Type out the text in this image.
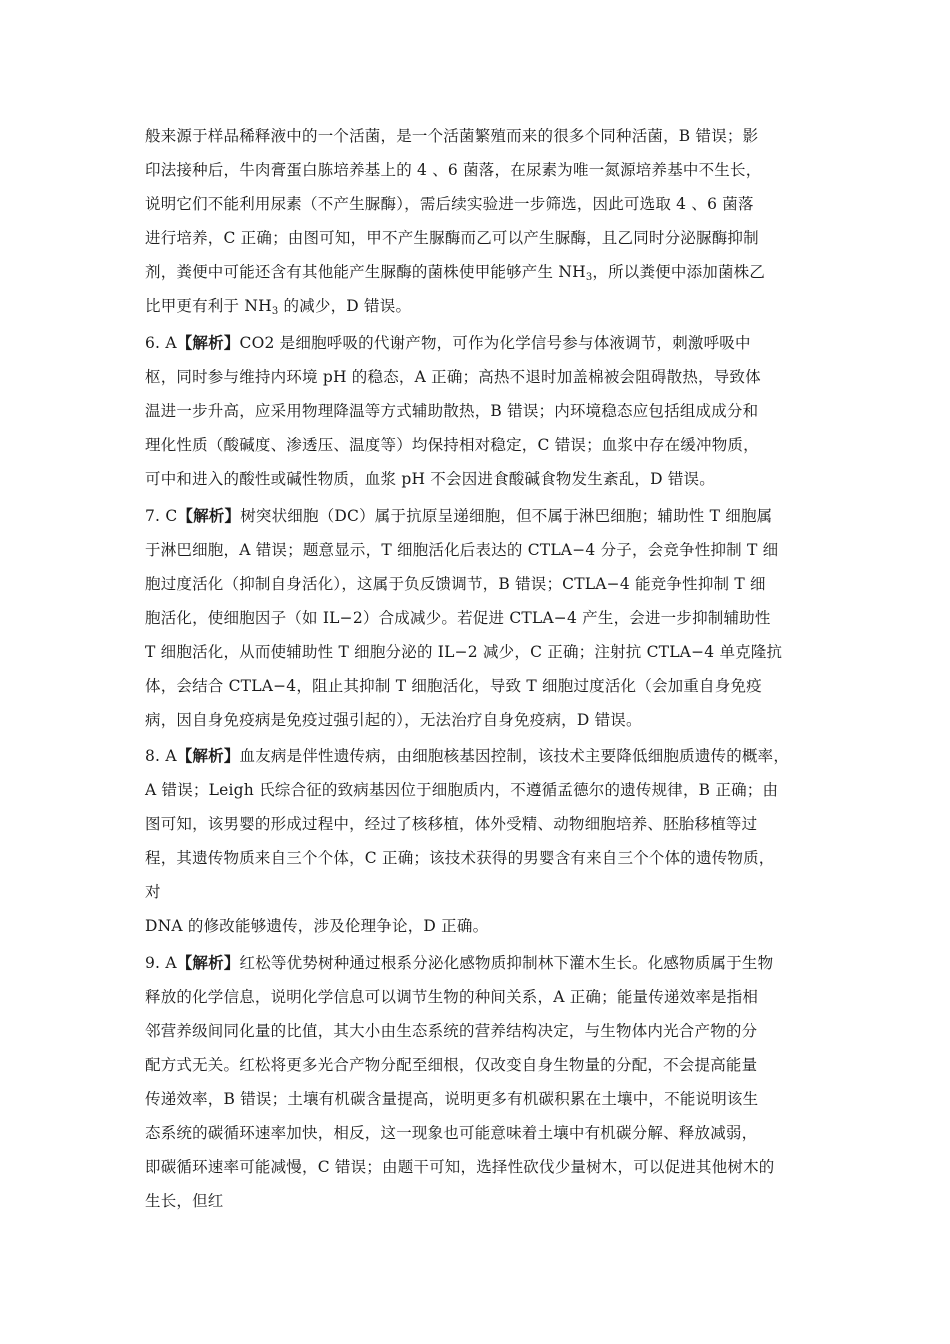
般来源于样品稀释液中的一个活菌，是一个活菌繁殖而来的很多个同种活菌，B 错误；影
印法接种后，牛肉膏蛋白胨培养基上的 4 、6 菌落，在尿素为唯一氮源培养基中不生长，
说明它们不能利用尿素（不产生脲酶），需后续实验进一步筛选，因此可选取 4 、6 菌落
进行培养，C 正确；由图可知，甲不产生脲酶而乙可以产生脲酶，且乙同时分泌脲酶抑制
剂，粪便中可能还含有其他能产生脲酶的菌株使甲能够产生 $NH_3$，所以粪便中添加菌株乙
比甲更有利于 $NH_3$ 的减少，D 错误。
6. A【解析】CO2 是细胞呼吸的代谢产物，可作为化学信号参与体液调节，刺激呼吸中
枢，同时参与维持内环境 pH 的稳态，A 正确；高热不退时加盖棉被会阻碍散热，导致体
温进一步升高，应采用物理降温等方式辅助散热，B 错误；内环境稳态应包括组成成分和
理化性质（酸碱度、渗透压、温度等）均保持相对稳定，C 错误；血浆中存在缓冲物质，
可中和进入的酸性或碱性物质，血浆 pH 不会因进食酸碱食物发生紊乱，D 错误。
7. C【解析】树突状细胞（DC）属于抗原呈递细胞，但不属于淋巴细胞；辅助性 T 细胞属
于淋巴细胞，A 错误；题意显示，T 细胞活化后表达的 CTLA−4 分子，会竞争性抑制 T 细
胞过度活化（抑制自身活化），这属于负反馈调节，B 错误；CTLA−4 能竞争性抑制 T 细
胞活化，使细胞因子（如 IL−2）合成减少。若促进 CTLA−4 产生，会进一步抑制辅助性
T 细胞活化，从而使辅助性 T 细胞分泌的 IL−2 减少，C 正确；注射抗 CTLA−4 单克隆抗
体，会结合 CTLA−4，阻止其抑制 T 细胞活化，导致 T 细胞过度活化（会加重自身免疫
病，因自身免疫病是免疫过强引起的），无法治疗自身免疫病，D 错误。
8. A【解析】血友病是伴性遗传病，由细胞核基因控制，该技术主要降低细胞质遗传的概率，
A 错误；Leigh 氏综合征的致病基因位于细胞质内，不遵循孟德尔的遗传规律，B 正确；由
图可知，该男婴的形成过程中，经过了核移植，体外受精、动物细胞培养、胚胎移植等过
程，其遗传物质来自三个个体，C 正确；该技术获得的男婴含有来自三个个体的遗传物质，
对
DNA 的修改能够遗传，涉及伦理争论，D 正确。
9. A【解析】红松等优势树种通过根系分泌化感物质抑制林下灌木生长。化感物质属于生物
释放的化学信息，说明化学信息可以调节生物的种间关系，A 正确；能量传递效率是指相
邻营养级间同化量的比值，其大小由生态系统的营养结构决定，与生物体内光合产物的分
配方式无关。红松将更多光合产物分配至细根，仅改变自身生物量的分配，不会提高能量
传递效率，B 错误；土壤有机碳含量提高，说明更多有机碳积累在土壤中，不能说明该生
态系统的碳循环速率加快，相反，这一现象也可能意味着土壤中有机碳分解、释放减弱，
即碳循环速率可能减慢，C 错误；由题干可知，选择性砍伐少量树木，可以促进其他树木的
生长，但红
